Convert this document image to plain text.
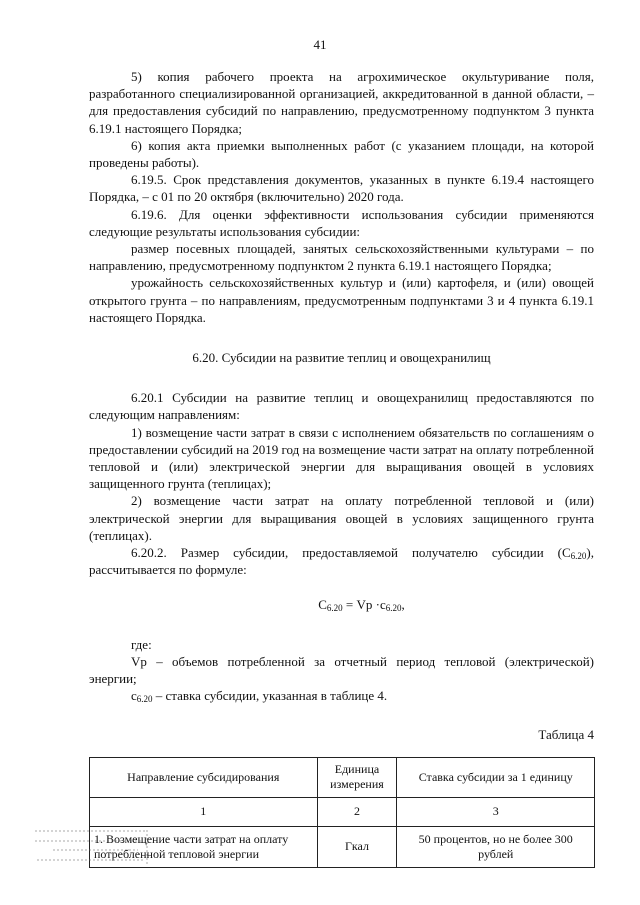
41

5) копия рабочего проекта на агрохимическое окультуривание поля, разработанного специализированной организацией, аккредитованной в данной области, – для предоставления субсидий по направлению, предусмотренному подпунктом 3 пункта 6.19.1 настоящего Порядка;

6) копия акта приемки выполненных работ (с указанием площади, на которой проведены работы).

6.19.5. Срок представления документов, указанных в пункте 6.19.4 настоящего Порядка, – с 01 по 20 октября (включительно) 2020 года.

6.19.6. Для оценки эффективности использования субсидии применяются следующие результаты использования субсидии:

размер посевных площадей, занятых сельскохозяйственными культурами – по направлению, предусмотренному подпунктом 2 пункта 6.19.1 настоящего Порядка;

урожайность сельскохозяйственных культур и (или) картофеля, и (или) овощей открытого грунта – по направлениям, предусмотренным подпунктами 3 и 4 пункта 6.19.1 настоящего Порядка.

6.20. Субсидии на развитие теплиц и овощехранилищ

6.20.1 Субсидии на развитие теплиц и овощехранилищ предоставляются по следующим направлениям:

1) возмещение части затрат в связи с исполнением обязательств по соглашениям о предоставлении субсидий на 2019 год на возмещение части затрат на оплату потребленной тепловой и (или) электрической энергии для выращивания овощей в условиях защищенного грунта (теплицах);

2) возмещение части затрат на оплату потребленной тепловой и (или) электрической энергии для выращивания овощей в условиях защищенного грунта (теплицах).

6.20.2. Размер субсидии, предоставляемой получателю субсидии $(С_{6.20})$, рассчитывается по формуле:

$С_{6.20} = Vp \cdot c_{6.20}$,

где:

Vp – объемов потребленной за отчетный период тепловой (электрической) энергии;

$с_{6.20}$ – ставка субсидии, указанная в таблице 4.

Таблица 4

Направление субсидирования	Единица измерения	Ставка субсидии за 1 единицу
1	2	3
1. Возмещение части затрат на оплату потребленной тепловой энергии	Гкал	50 процентов, но не более 300 рублей
